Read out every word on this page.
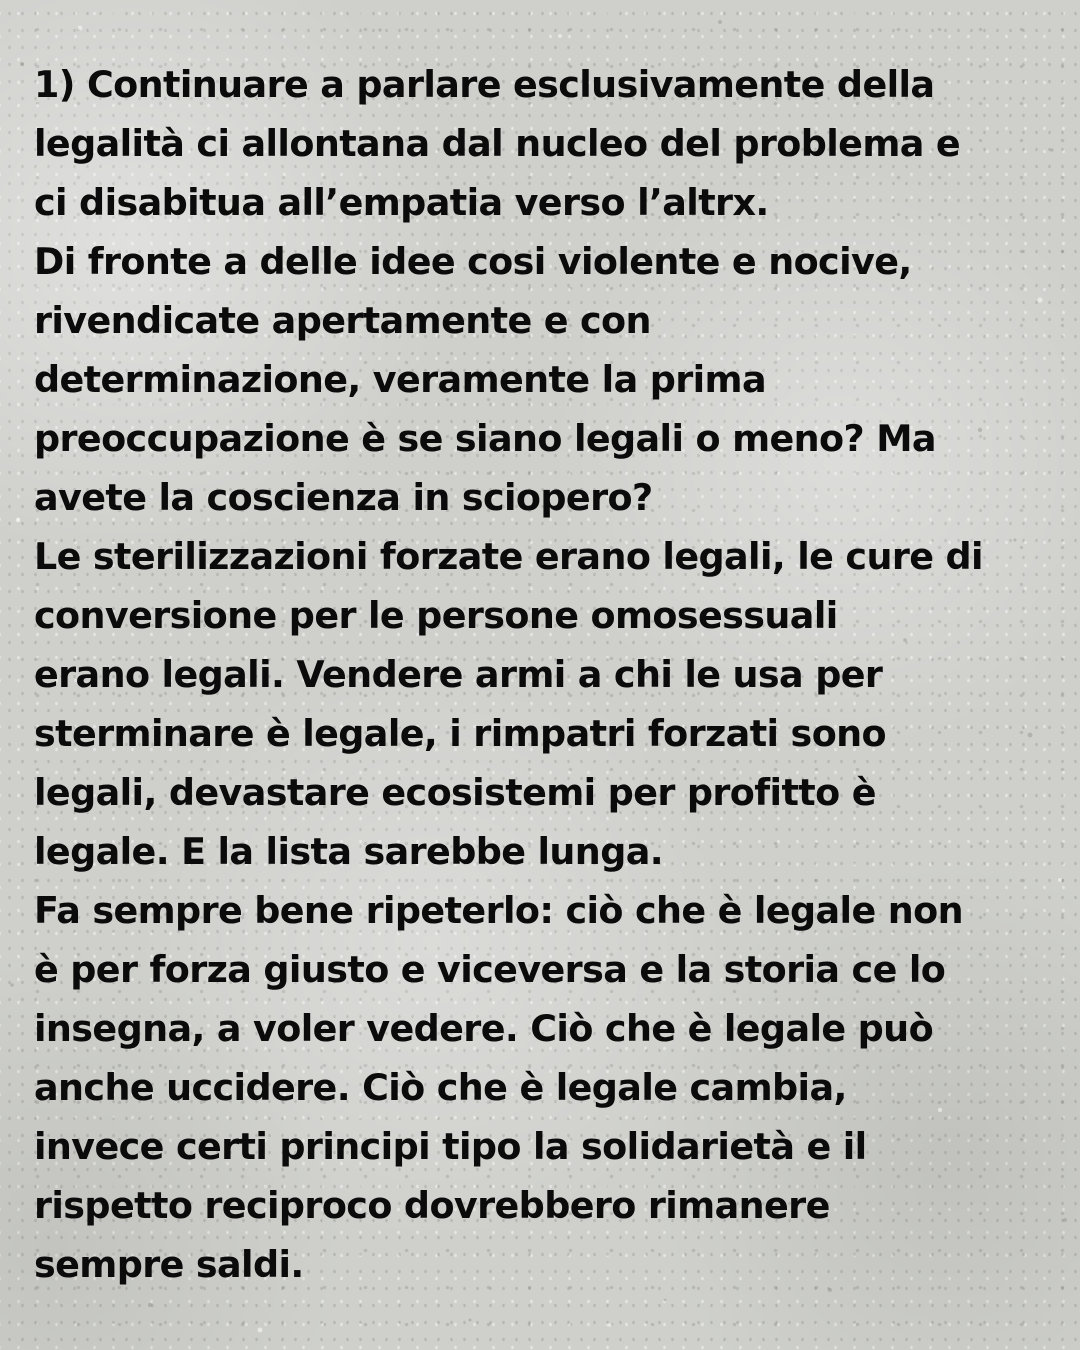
1) Continuare a parlare esclusivamente della
legalità ci allontana dal nucleo del problema e
ci disabitua all’empatia verso l’altrx.
Di fronte a delle idee cosi violente e nocive,
rivendicate apertamente e con
determinazione, veramente la prima
preoccupazione è se siano legali o meno? Ma
avete la coscienza in sciopero?
Le sterilizzazioni forzate erano legali, le cure di
conversione per le persone omosessuali
erano legali. Vendere armi a chi le usa per
sterminare è legale, i rimpatri forzati sono
legali, devastare ecosistemi per profitto è
legale. E la lista sarebbe lunga.
Fa sempre bene ripeterlo: ciò che è legale non
è per forza giusto e viceversa e la storia ce lo
insegna, a voler vedere. Ciò che è legale può
anche uccidere. Ciò che è legale cambia,
invece certi principi tipo la solidarietà e il
rispetto reciproco dovrebbero rimanere
sempre saldi.
